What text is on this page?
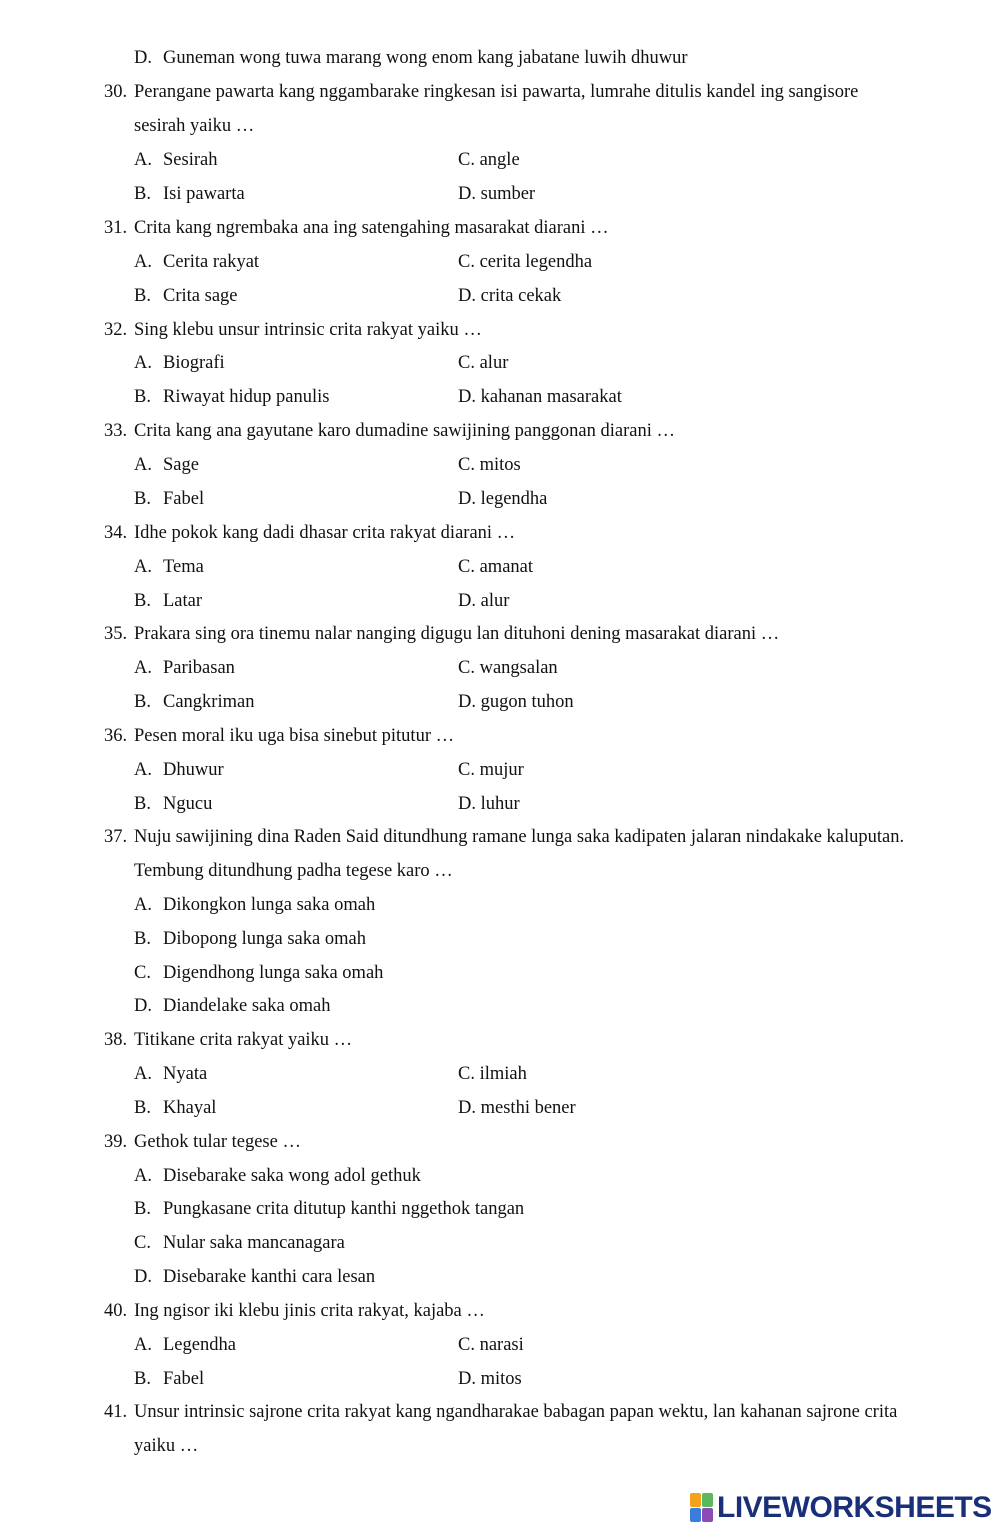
D. Guneman wong tuwa marang wong enom kang jabatane luwih dhuwur
30. Perangane pawarta kang nggambarake ringkesan isi pawarta, lumrahe ditulis kandel ing sangisore
sesirah yaiku …
A. Sesirah	C. angle
B. Isi pawarta	D. sumber
31. Crita kang ngrembaka ana ing satengahing masarakat diarani …
A. Cerita rakyat	C. cerita legendha
B. Crita sage	D. crita cekak
32. Sing klebu unsur intrinsic crita rakyat yaiku …
A. Biografi	C. alur
B. Riwayat hidup panulis	D. kahanan masarakat
33. Crita kang ana gayutane karo dumadine sawijining panggonan diarani …
A. Sage	C. mitos
B. Fabel	D. legendha
34. Idhe pokok kang dadi dhasar crita rakyat diarani …
A. Tema	C. amanat
B. Latar	D. alur
35. Prakara sing ora tinemu nalar nanging digugu lan dituhoni dening masarakat diarani …
A. Paribasan	C. wangsalan
B. Cangkriman	D. gugon tuhon
36. Pesen moral iku uga bisa sinebut pitutur …
A. Dhuwur	C. mujur
B. Ngucu	D. luhur
37. Nuju sawijining dina Raden Said ditundhung ramane lunga saka kadipaten jalaran nindakake kaluputan.
Tembung ditundhung padha tegese karo …
A. Dikongkon lunga saka omah
B. Dibopong lunga saka omah
C. Digendhong lunga saka omah
D. Diandelake saka omah
38. Titikane crita rakyat yaiku …
A. Nyata	C. ilmiah
B. Khayal	D. mesthi bener
39. Gethok tular tegese …
A. Disebarake saka wong adol gethuk
B. Pungkasane crita ditutup kanthi nggethok tangan
C. Nular saka mancanagara
D. Disebarake kanthi cara lesan
40. Ing ngisor iki klebu jinis crita rakyat, kajaba …
A. Legendha	C. narasi
B. Fabel	D. mitos
41. Unsur intrinsic sajrone crita rakyat kang ngandharakae babagan papan wektu, lan kahanan sajrone crita
yaiku …
LIVEWORKSHEETS
